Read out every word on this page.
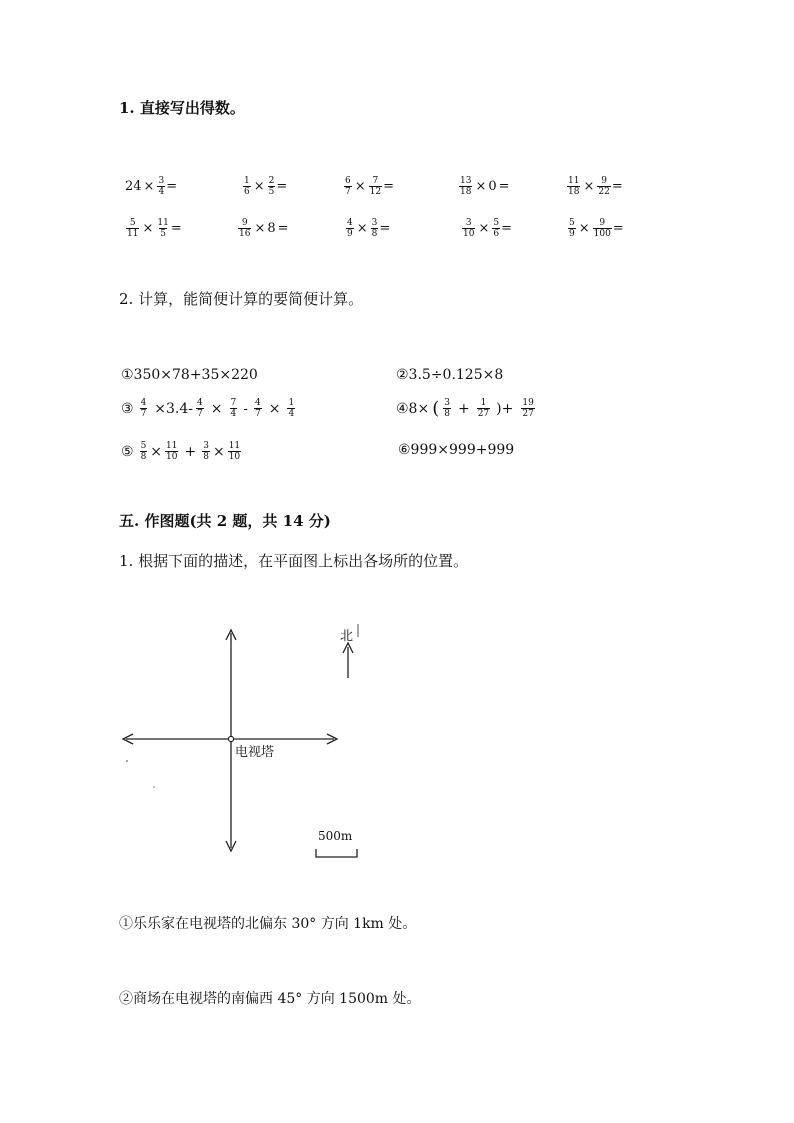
1. 直接写出得数。
$24 \times \frac{3}{4}$ =	$\frac{1}{6} \times \frac{2}{5}$ =	$\frac{6}{7} \times \frac{7}{12}$ =	$\frac{13}{18} \times 0$ =	$\frac{11}{18} \times \frac{9}{22}$ =
$\frac{5}{11} \times \frac{11}{5}$ =	$\frac{9}{16} \times 8$ =	$\frac{4}{9} \times \frac{3}{8}$ =	$\frac{3}{10} \times \frac{5}{6}$ =	$\frac{5}{9} \times \frac{9}{100}$ =
2. 计算，能简便计算的要简便计算。
①350×78+35×220	②3.5÷0.125×8
③ $\frac{4}{7} \times 3.4- \frac{4}{7} \times \frac{7}{4} - \frac{4}{7} \times \frac{1}{4}$	④8× ( $\frac{3}{8} + \frac{1}{27}$ )+ $\frac{19}{27}$
⑤ $\frac{5}{8} \times \frac{11}{10} + \frac{3}{8} \times \frac{11}{10}$	⑥999×999+999
五. 作图题(共 2 题，共 14 分)
1. 根据下面的描述，在平面图上标出各场所的位置。
北
电视塔
500m
①乐乐家在电视塔的北偏东 30° 方向 1km 处。
②商场在电视塔的南偏西 45° 方向 1500m 处。
